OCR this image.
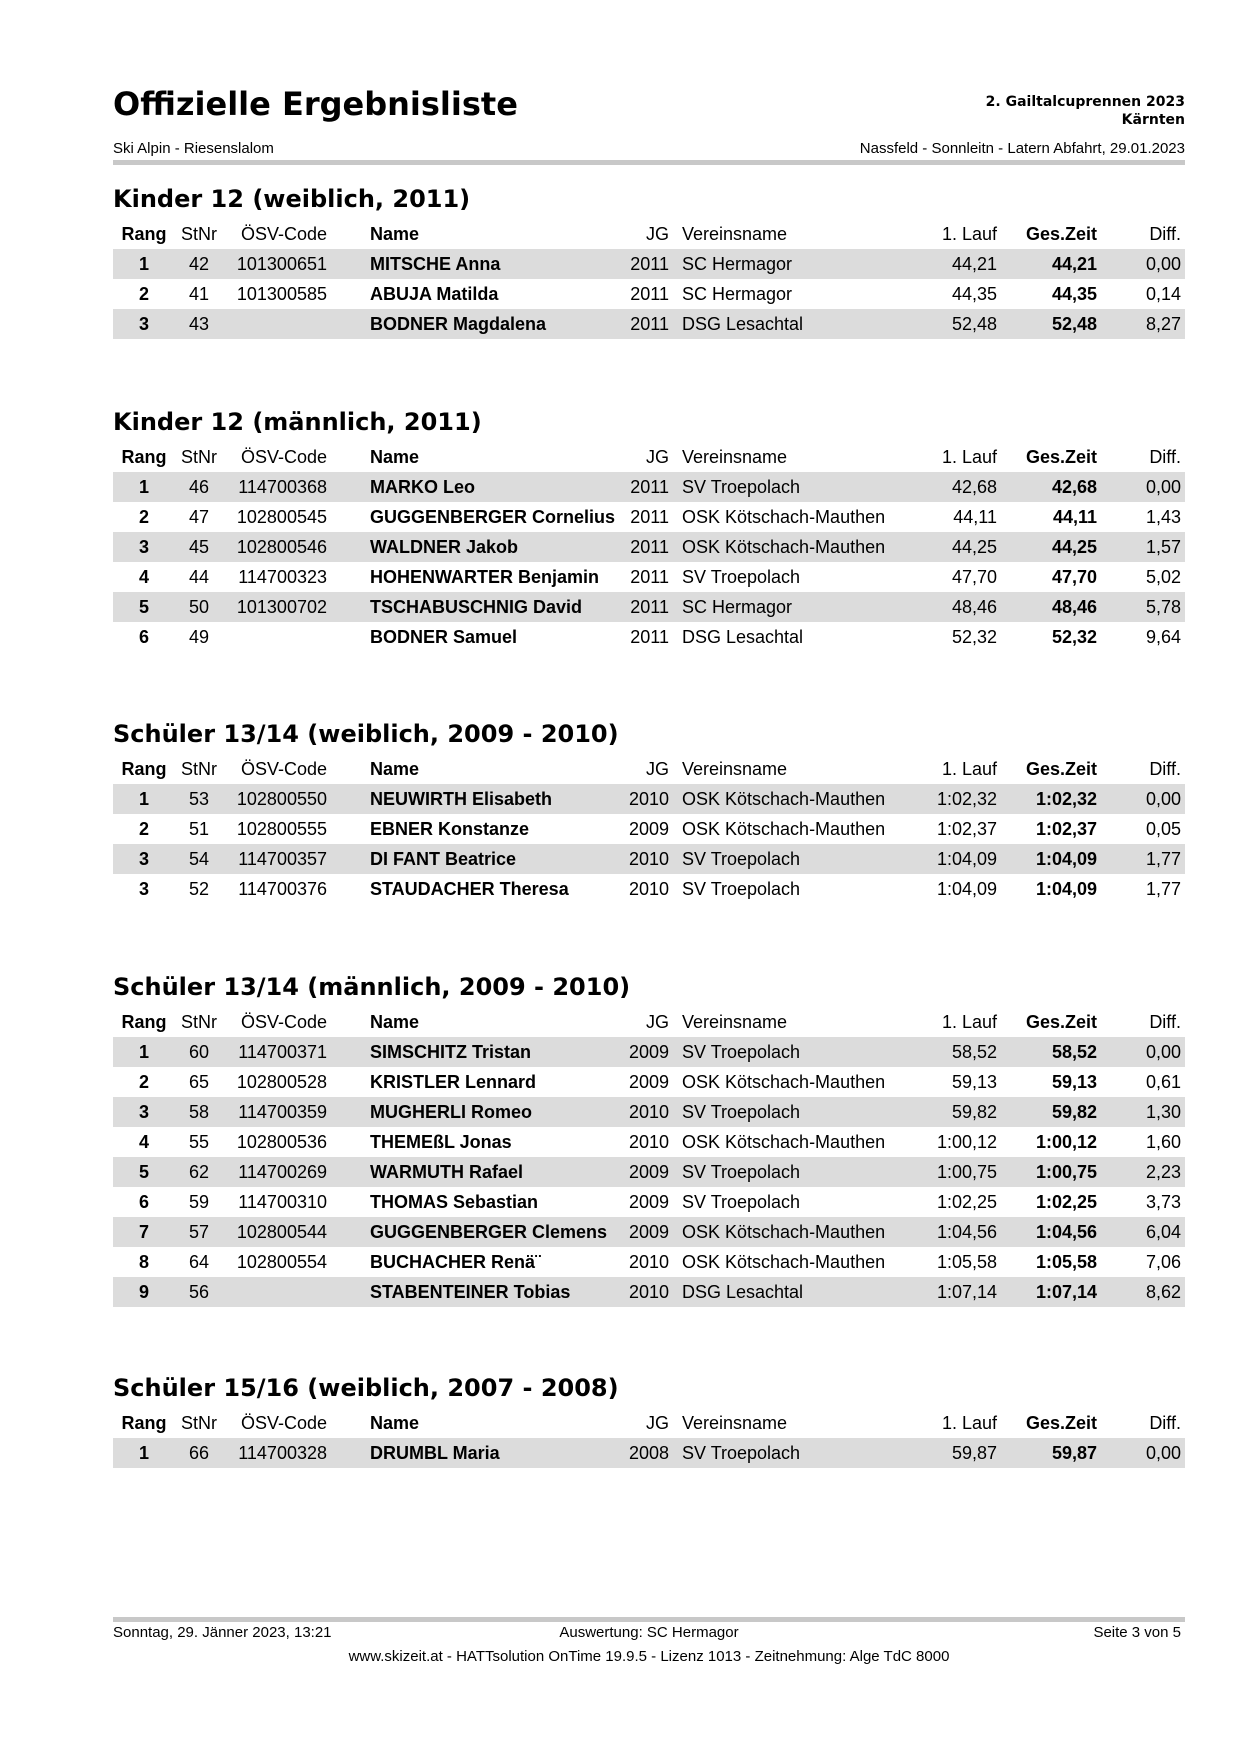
Offizielle Ergebnisliste
Ski Alpin - Riesenslalom
2. Gailtalcuprennen 2023
Kärnten
Nassfeld - Sonnleitn - Latern Abfahrt, 29.01.2023
Kinder 12 (weiblich, 2011)
Rang StNr	ÖSV-Code Name	JG Vereinsname	1. Lauf	Ges.Zeit	Diff.
1	42	101300651 MITSCHE Anna	2011 SC Hermagor	44,21	44,21	0,00
2	41	101300585 ABUJA Matilda	2011 SC Hermagor	44,35	44,35	0,14
3	43	BODNER Magdalena	2011 DSG Lesachtal	52,48	52,48	8,27
Kinder 12 (männlich, 2011)
Rang StNr	ÖSV-Code Name	JG Vereinsname	1. Lauf	Ges.Zeit	Diff.
1	46	114700368 MARKO Leo	2011 SV Troepolach	42,68	42,68	0,00
2	47	102800545 GUGGENBERGER Cornelius 2011 OSK Kötschach-Mauthen	44,11	44,11	1,43
3	45	102800546 WALDNER Jakob	2011 OSK Kötschach-Mauthen	44,25	44,25	1,57
4	44	114700323 HOHENWARTER Benjamin	2011 SV Troepolach	47,70	47,70	5,02
5	50	101300702 TSCHABUSCHNIG David	2011 SC Hermagor	48,46	48,46	5,78
6	49	BODNER Samuel	2011 DSG Lesachtal	52,32	52,32	9,64
Schüler 13/14 (weiblich, 2009 - 2010)
Rang StNr	ÖSV-Code Name	JG Vereinsname	1. Lauf	Ges.Zeit	Diff.
1	53	102800550 NEUWIRTH Elisabeth	2010 OSK Kötschach-Mauthen	1:02,32	1:02,32	0,00
2	51	102800555 EBNER Konstanze	2009 OSK Kötschach-Mauthen	1:02,37	1:02,37	0,05
3	54	114700357 DI FANT Beatrice	2010 SV Troepolach	1:04,09	1:04,09	1,77
3	52	114700376 STAUDACHER Theresa	2010 SV Troepolach	1:04,09	1:04,09	1,77
Schüler 13/14 (männlich, 2009 - 2010)
Rang StNr	ÖSV-Code Name	JG Vereinsname	1. Lauf	Ges.Zeit	Diff.
1	60	114700371 SIMSCHITZ Tristan	2009 SV Troepolach	58,52	58,52	0,00
2	65	102800528 KRISTLER Lennard	2009 OSK Kötschach-Mauthen	59,13	59,13	0,61
3	58	114700359 MUGHERLI Romeo	2010 SV Troepolach	59,82	59,82	1,30
4	55	102800536 THEMEßL Jonas	2010 OSK Kötschach-Mauthen	1:00,12	1:00,12	1,60
5	62	114700269 WARMUTH Rafael	2009 SV Troepolach	1:00,75	1:00,75	2,23
6	59	114700310 THOMAS Sebastian	2009 SV Troepolach	1:02,25	1:02,25	3,73
7	57	102800544 GUGGENBERGER Clemens	2009 OSK Kötschach-Mauthen	1:04,56	1:04,56	6,04
8	64	102800554 BUCHACHER Renä¨	2010 OSK Kötschach-Mauthen	1:05,58	1:05,58	7,06
9	56	STABENTEINER Tobias	2010 DSG Lesachtal	1:07,14	1:07,14	8,62
Schüler 15/16 (weiblich, 2007 - 2008)
Rang StNr	ÖSV-Code Name	JG Vereinsname	1. Lauf	Ges.Zeit	Diff.
1	66	114700328 DRUMBL Maria	2008 SV Troepolach	59,87	59,87	0,00
Sonntag, 29. Jänner 2023, 13:21	Auswertung: SC Hermagor	Seite 3 von 5
www.skizeit.at - HATTsolution OnTime 19.9.5 - Lizenz 1013 - Zeitnehmung: Alge TdC 8000
